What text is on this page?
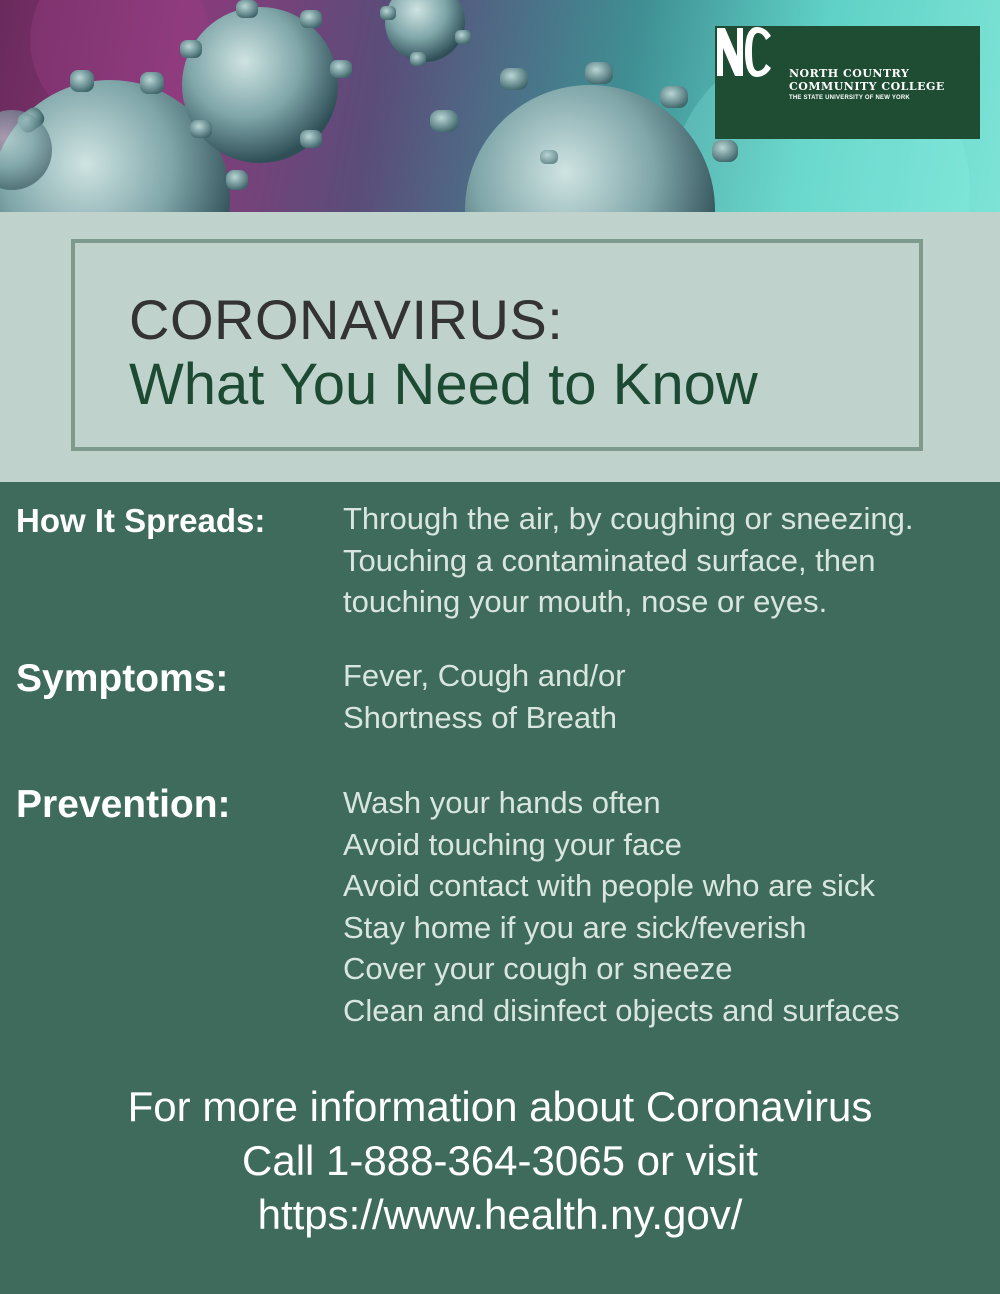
NORTH COUNTRY
COMMUNITY COLLEGE
THE STATE UNIVERSITY OF NEW YORK
CORONAVIRUS:
What You Need to Know
How It Spreads:	Through the air, by coughing or sneezing.
Touching a contaminated surface, then
touching your mouth, nose or eyes.
Symptoms:	Fever, Cough and/or
Shortness of Breath
Prevention:	Wash your hands often
Avoid touching your face
Avoid contact with people who are sick
Stay home if you are sick/feverish
Cover your cough or sneeze
Clean and disinfect objects and surfaces
For more information about Coronavirus
Call 1-888-364-3065 or visit
https://www.health.ny.gov/
